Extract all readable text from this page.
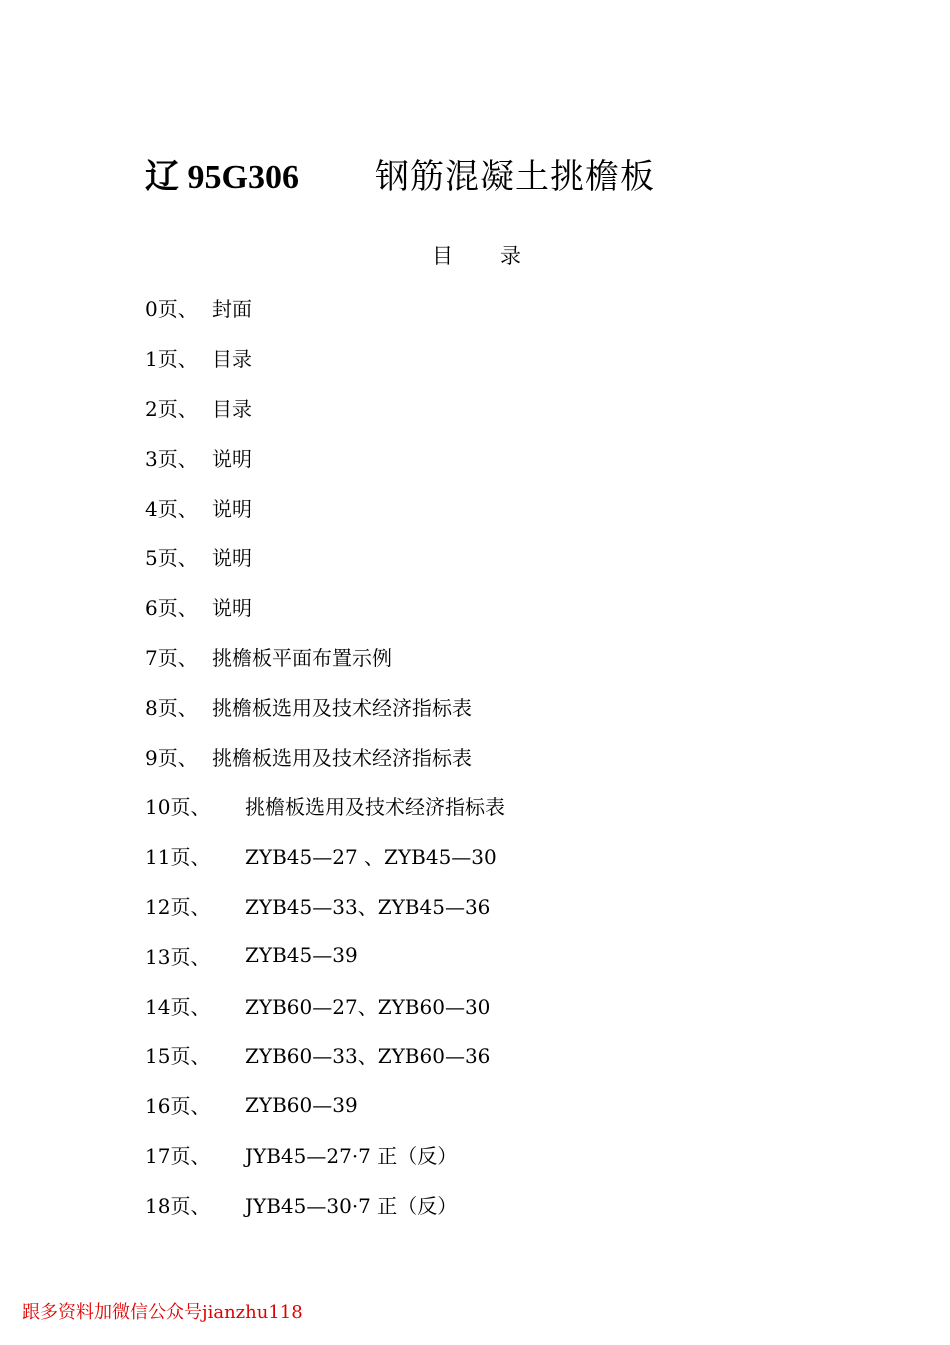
辽 95G306	钢筋混凝土挑檐板
目      录
0页、 封面
1页、 目录
2页、 目录
3页、 说明
4页、 说明
5页、 说明
6页、 说明
7页、 挑檐板平面布置示例
8页、 挑檐板选用及技术经济指标表
9页、 挑檐板选用及技术经济指标表
10页、	挑檐板选用及技术经济指标表
11页、	ZYB45—27 、ZYB45—30
12页、	ZYB45—33、ZYB45—36
13页、	ZYB45—39
14页、	ZYB60—27、ZYB60—30
15页、	ZYB60—33、ZYB60—36
16页、	ZYB60—39
17页、	JYB45—27·7 正（反）
18页、	JYB45—30·7 正（反）
跟多资料加微信公众号jianzhu118
